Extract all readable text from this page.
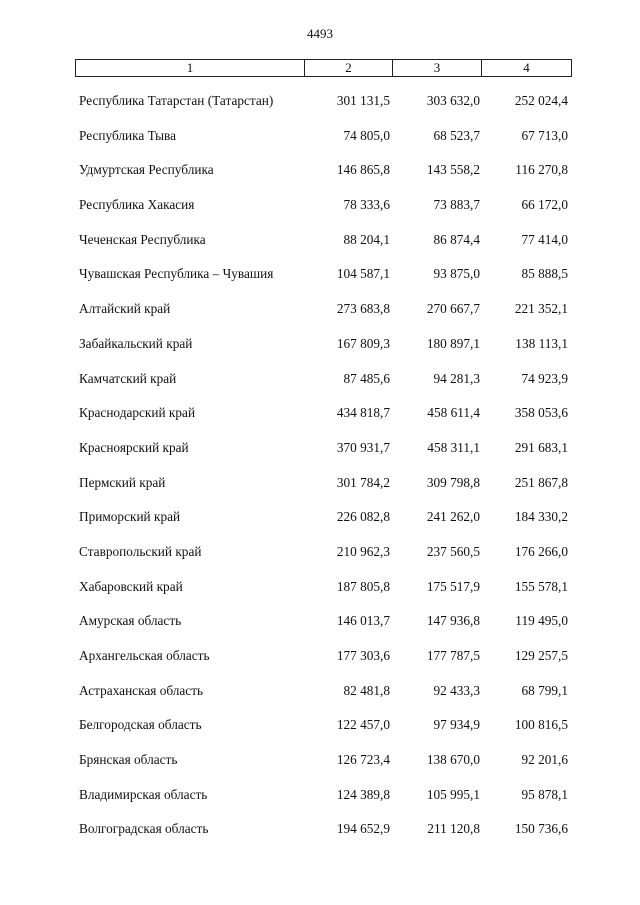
4493
1	2	3	4
Республика Татарстан (Татарстан)	301 131,5	303 632,0	252 024,4
Республика Тыва	74 805,0	68 523,7	67 713,0
Удмуртская Республика	146 865,8	143 558,2	116 270,8
Республика Хакасия	78 333,6	73 883,7	66 172,0
Чеченская Республика	88 204,1	86 874,4	77 414,0
Чувашская Республика – Чувашия	104 587,1	93 875,0	85 888,5
Алтайский край	273 683,8	270 667,7	221 352,1
Забайкальский край	167 809,3	180 897,1	138 113,1
Камчатский край	87 485,6	94 281,3	74 923,9
Краснодарский край	434 818,7	458 611,4	358 053,6
Красноярский край	370 931,7	458 311,1	291 683,1
Пермский край	301 784,2	309 798,8	251 867,8
Приморский край	226 082,8	241 262,0	184 330,2
Ставропольский край	210 962,3	237 560,5	176 266,0
Хабаровский край	187 805,8	175 517,9	155 578,1
Амурская область	146 013,7	147 936,8	119 495,0
Архангельская область	177 303,6	177 787,5	129 257,5
Астраханская область	82 481,8	92 433,3	68 799,1
Белгородская область	122 457,0	97 934,9	100 816,5
Брянская область	126 723,4	138 670,0	92 201,6
Владимирская область	124 389,8	105 995,1	95 878,1
Волгоградская область	194 652,9	211 120,8	150 736,6
